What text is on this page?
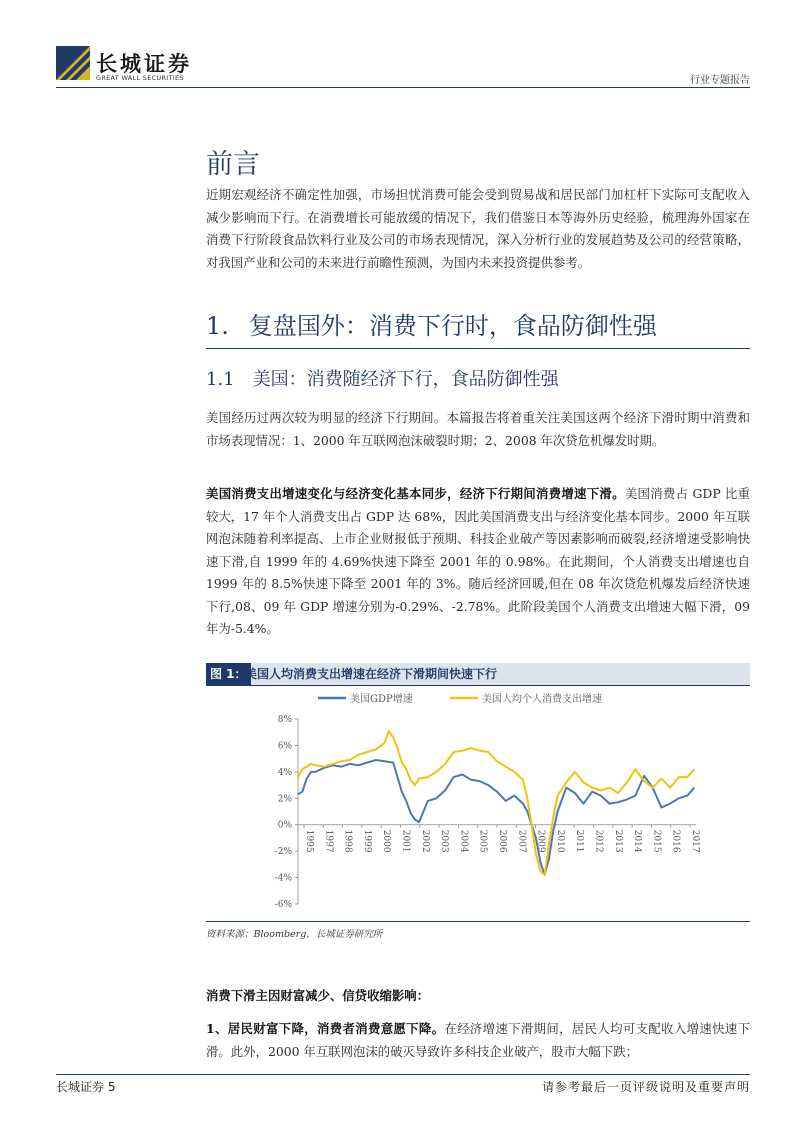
长城证券
GREAT WALL SECURITIES	行业专题报告
前言
近期宏观经济不确定性加强，市场担忧消费可能会受到贸易战和居民部门加杠杆下实际可支配收入减少影响而下行。在消费增长可能放缓的情况下，我们借鉴日本等海外历史经验，梳理海外国家在消费下行阶段食品饮料行业及公司的市场表现情况，深入分析行业的发展趋势及公司的经营策略，对我国产业和公司的未来进行前瞻性预测，为国内未来投资提供参考。
1. 复盘国外：消费下行时，食品防御性强
1.1 美国：消费随经济下行，食品防御性强
美国经历过两次较为明显的经济下行期间。本篇报告将着重关注美国这两个经济下滑时期中消费和市场表现情况：1、2000 年互联网泡沫破裂时期；2、2008 年次贷危机爆发时期。
美国消费支出增速变化与经济变化基本同步，经济下行期间消费增速下滑。美国消费占 GDP 比重较大，17 年个人消费支出占 GDP 达 68%，因此美国消费支出与经济变化基本同步。2000 年互联网泡沫随着利率提高、上市企业财报低于预期、科技企业破产等因素影响而破裂,经济增速受影响快速下滑,自 1999 年的 4.69%快速下降至 2001 年的 0.98%。在此期间，个人消费支出增速也自 1999 年的 8.5%快速下降至 2001 年的 3%。随后经济回暖,但在 08 年次贷危机爆发后经济快速下行,08、09 年 GDP 增速分别为-0.29%、-2.78%。此阶段美国个人消费支出增速大幅下滑，09 年为-5.4%。
图 1：
美国人均消费支出增速在经济下滑期间快速下行
美国GDP增速	美国人均个人消费支出增速
8%
6%
4%
2%
0%
-2%
-4%
-6%
1995 1997 1998 1999 2000 2001 2002 2003 2004 2005 2006 2007 2009 2010 2011 2012 2013 2014 2015 2016 2017
资料来源：Bloomberg，长城证券研究所
消费下滑主因财富减少、信贷收缩影响：
1、居民财富下降，消费者消费意愿下降。在经济增速下滑期间，居民人均可支配收入增速快速下滑。此外，2000 年互联网泡沫的破灭导致许多科技企业破产，股市大幅下跌；
长城证券 5	请参考最后一页评级说明及重要声明
